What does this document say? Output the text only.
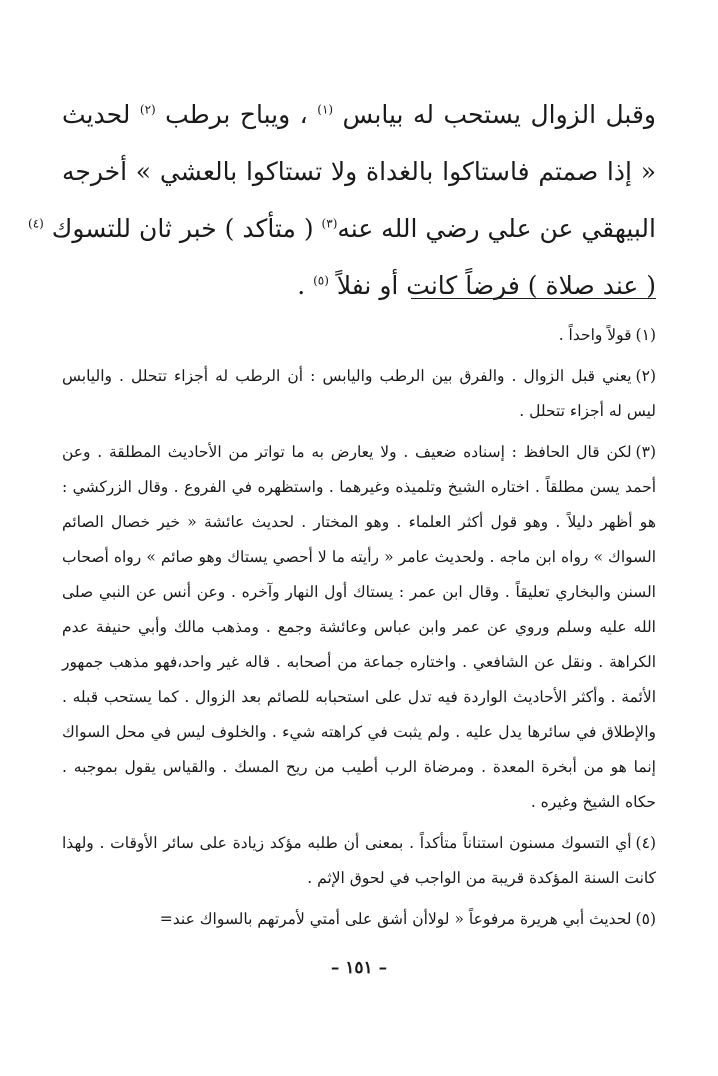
وقبل الزوال يستحب له بيابس $^{(١)}$ ، ويباح برطب $^{(٢)}$ لحديث
« إذا صمتم فاستاكوا بالغداة ولا تستاكوا بالعشي » أخرجه
البيهقي عن علي رضي الله عنه$^{(٣)}$ ( متأكد ) خبر ثان للتسوك $^{(٤)}$
( عند صلاة ) فرضاً كانت أو نفلاً $^{(٥)}$ .
(١)قولاً واحداً .
(٢)يعني قبل الزوال . والفرق بين الرطب واليابس : أن الرطب له أجزاء تتحلل . واليابس ليس له أجزاء تتحلل .
(٣)لكن قال الحافظ : إسناده ضعيف . ولا يعارض به ما تواتر من الأحاديث المطلقة . وعن أحمد يسن مطلقاً . اختاره الشيخ وتلميذه وغيرهما . واستظهره في الفروع . وقال الزركشي : هو أظهر دليلاً . وهو قول أكثر العلماء . وهو المختار . لحديث عائشة « خير خصال الصائم السواك » رواه ابن ماجه . ولحديث عامر « رأيته ما لا أحصي يستاك وهو صائم » رواه أصحاب السنن والبخاري تعليقاً . وقال ابن عمر : يستاك أول النهار وآخره . وعن أنس عن النبي صلى الله عليه وسلم وروي عن عمر وابن عباس وعائشة وجمع . ومذهب مالك وأبي حنيفة عدم الكراهة . ونقل عن الشافعي . واختاره جماعة من أصحابه . قاله غير واحد،فهو مذهب جمهور الأئمة . وأكثر الأحاديث الواردة فيه تدل على استحبابه للصائم بعد الزوال . كما يستحب قبله . والإطلاق في سائرها يدل عليه . ولم يثبت في كراهته شيء . والخلوف ليس في محل السواك إنما هو من أبخرة المعدة . ومرضاة الرب أطيب من ريح المسك . والقياس يقول بموجبه . حكاه الشيخ وغيره .
(٤)أي التسوك مسنون استناناً متأكداً . بمعنى أن طلبه مؤكد زيادة على سائر الأوقات . ولهذا كانت السنة المؤكدة قريبة من الواجب في لحوق الإثم .
(٥)لحديث أبي هريرة مرفوعاً « لولاأن أشق على أمتي لأمرتهم بالسواك عند=
– ١٥١ –
